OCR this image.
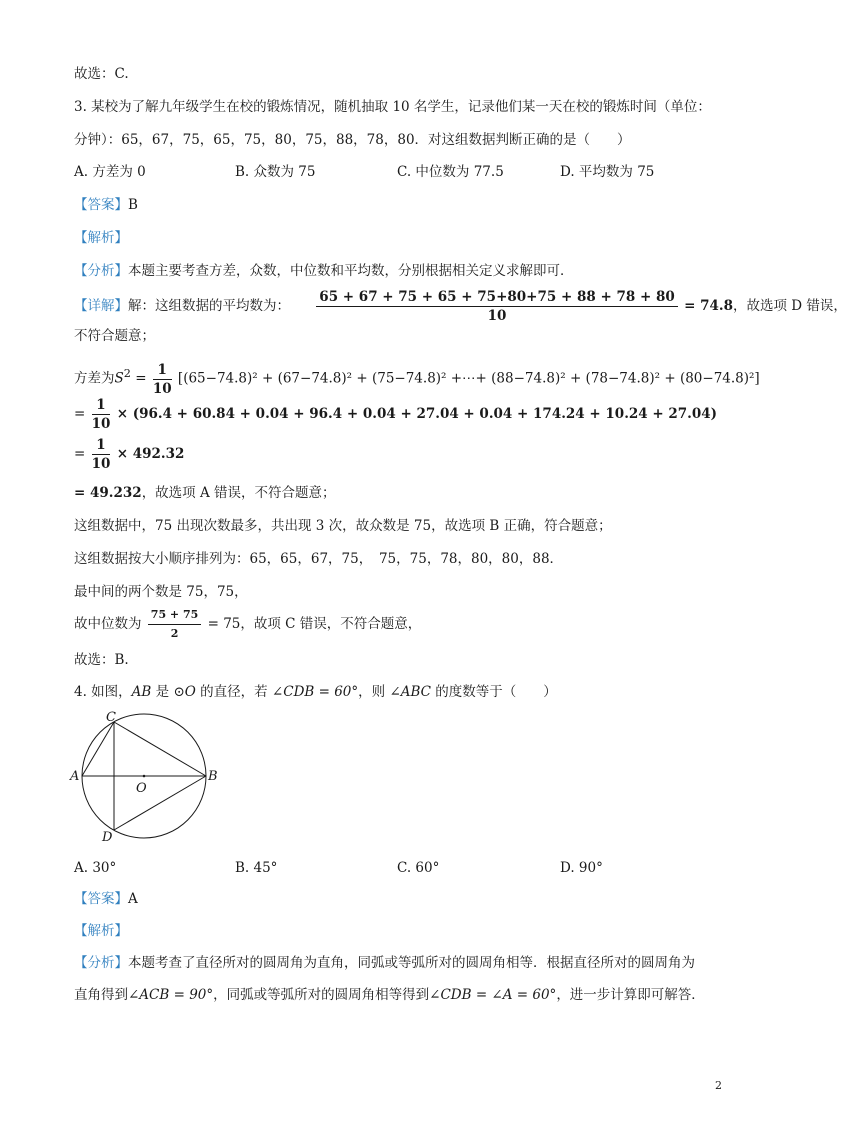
故选：C.
3. 某校为了解九年级学生在校的锻炼情况，随机抽取 10 名学生，记录他们某一天在校的锻炼时间（单位：
分钟）：65，67，75，65，75，80，75，88，78，80．对这组数据判断正确的是（　　）
A. 方差为 0	B. 众数为 75	C. 中位数为 77.5	D. 平均数为 75
【答案】B
【解析】
【分析】本题主要考查方差，众数，中位数和平均数，分别根据相关定义求解即可．
【详解】解：这组数据的平均数为： $\frac{65 + 67 + 75 + 65 + 75+80+75 + 88 + 78 + 80}{10} = 74.8$，故选项 D 错误，
不符合题意；
方差为$S^2 = \frac{1}{10} [(65-74.8)^2 + (67-74.8)^2 + (75-74.8)^2$ +⋯+ (88−74.8)² + (78−74.8)² + (80−74.8)²]
= $\frac{1}{10} \times (96.4 + 60.84 + 0.04 + 96.4 + 0.04 + 27.04 + 0.04 + 174.24 + 10.24 + 27.04)$
= $\frac{1}{10} \times 492.32$
= 49.232，故选项 A 错误，不符合题意；
这组数据中，75 出现次数最多，共出现 3 次，故众数是 75，故选项 B 正确，符合题意；
这组数据按大小顺序排列为：65，65，67，75，　75，75，78，80，80，88．
最中间的两个数是 75，75，
故中位数为 $\frac{75 + 75}{2} = 75$，故项 C 错误，不符合题意，
故选：B.
4. 如图，AB 是 ⊙O 的直径，若 ∠CDB = 60°，则 ∠ABC 的度数等于（　　）
C
A	B
O
D
A. 30°	B. 45°	C. 60°	D. 90°
【答案】A
【解析】
【分析】本题考查了直径所对的圆周角为直角，同弧或等弧所对的圆周角相等．根据直径所对的圆周角为
直角得到∠ACB = 90°，同弧或等弧所对的圆周角相等得到∠CDB = ∠A = 60°，进一步计算即可解答．
2
